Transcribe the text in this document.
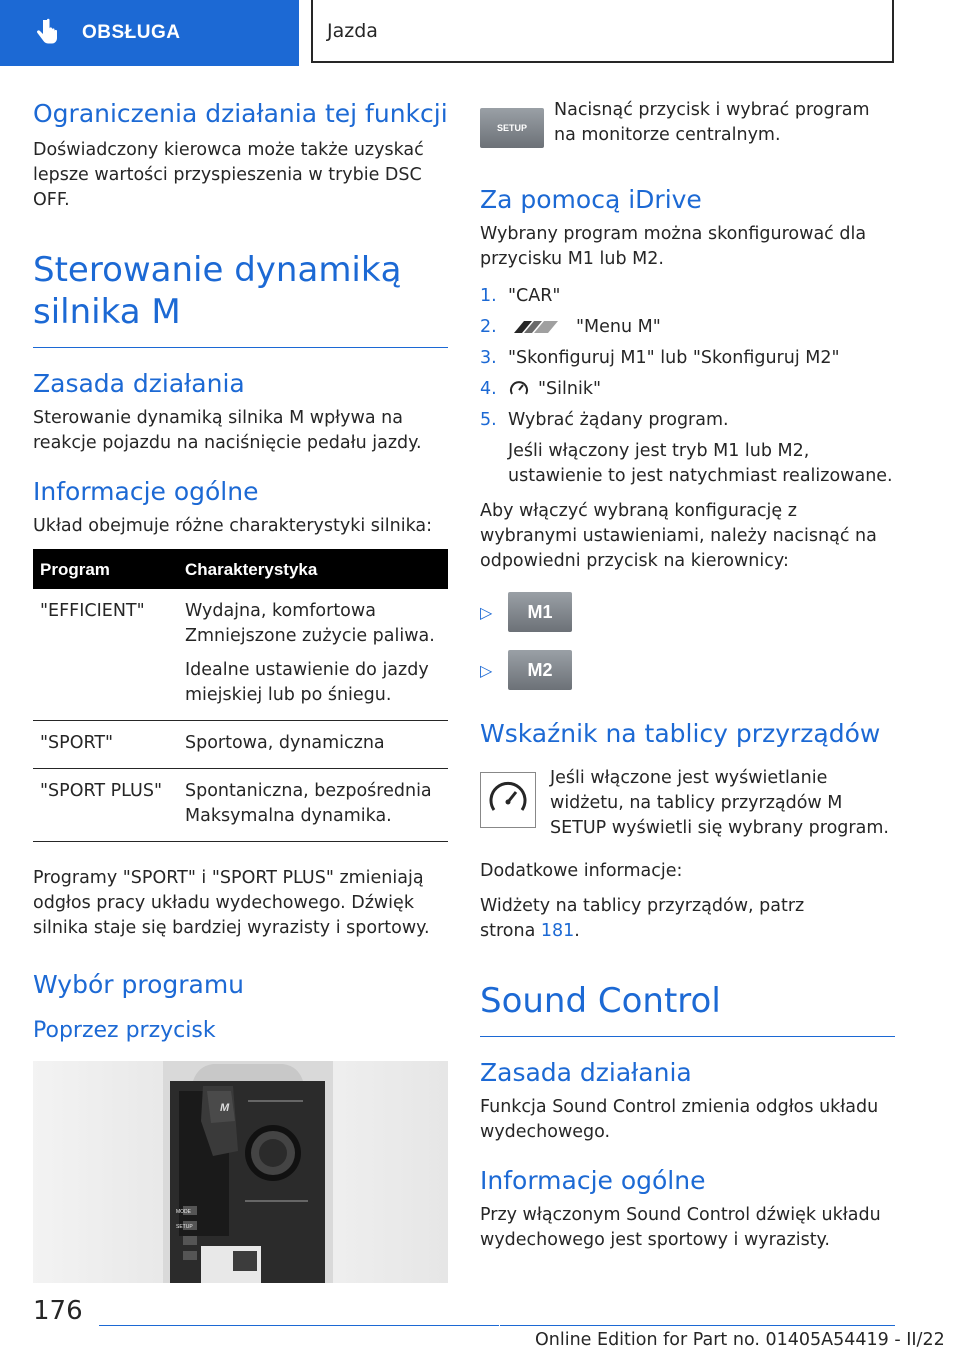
OBSŁUGA	Jazda
Ograniczenia działania tej funkcji

Doświadczony kierowca może także uzyskać lepsze wartości przyspieszenia w trybie DSC OFF.

Sterowanie dynamiką silnika M
Zasada działania

Sterowanie dynamiką silnika M wpływa na reakcje pojazdu na naciśnięcie pedału jazdy.

Informacje ogólne

Układ obejmuje różne charakterystyki silnika:

Program	Charakterystyka
"EFFICIENT"	Wydajna, komfortowa Zmniejszone zużycie paliwa.
Idealne ustawienie do jazdy miejskiej lub po śniegu.

"SPORT"	Sportowa, dynamiczna
"SPORT PLUS"	Spontaniczna, bezpośrednia Maksymalna dynamika.

Programy "SPORT" i "SPORT PLUS" zmieniają odgłos pracy układu wydechowego. Dźwięk silnika staje się bardziej wyrazisty i sportowy.

Wybór programu
Poprzez przycisk
M
MODE
SETUP
SETUP

Nacisnąć przycisk i wybrać program na monitorze centralnym.

Za pomocą iDrive

Wybrany program można skonfigurować dla przycisku M1 lub M2.

1. "CAR"
2.	"Menu M"
3. "Skonfiguruj M1" lub "Skonfiguruj M2"
4.	"Silnik"
5. Wybrać żądany program.

Jeśli włączony jest tryb M1 lub M2, ustawienie to jest natychmiast realizowane.

Aby włączyć wybraną konfigurację z wybranymi ustawieniami, należy nacisnąć na odpowiedni przycisk na kierownicy:

▷	M1
▷	M2
Wskaźnik na tablicy przyrządów

Jeśli włączone jest wyświetlanie widżetu, na tablicy przyrządów M SETUP wyświetli się wybrany program.

Dodatkowe informacje:

Widżety na tablicy przyrządów, patrz strona 181.

Sound Control
Zasada działania

Funkcja Sound Control zmienia odgłos układu wydechowego.

Informacje ogólne

Przy włączonym Sound Control dźwięk układu wydechowego jest sportowy i wyrazisty.

176
Online Edition for Part no. 01405A54419 - II/22
